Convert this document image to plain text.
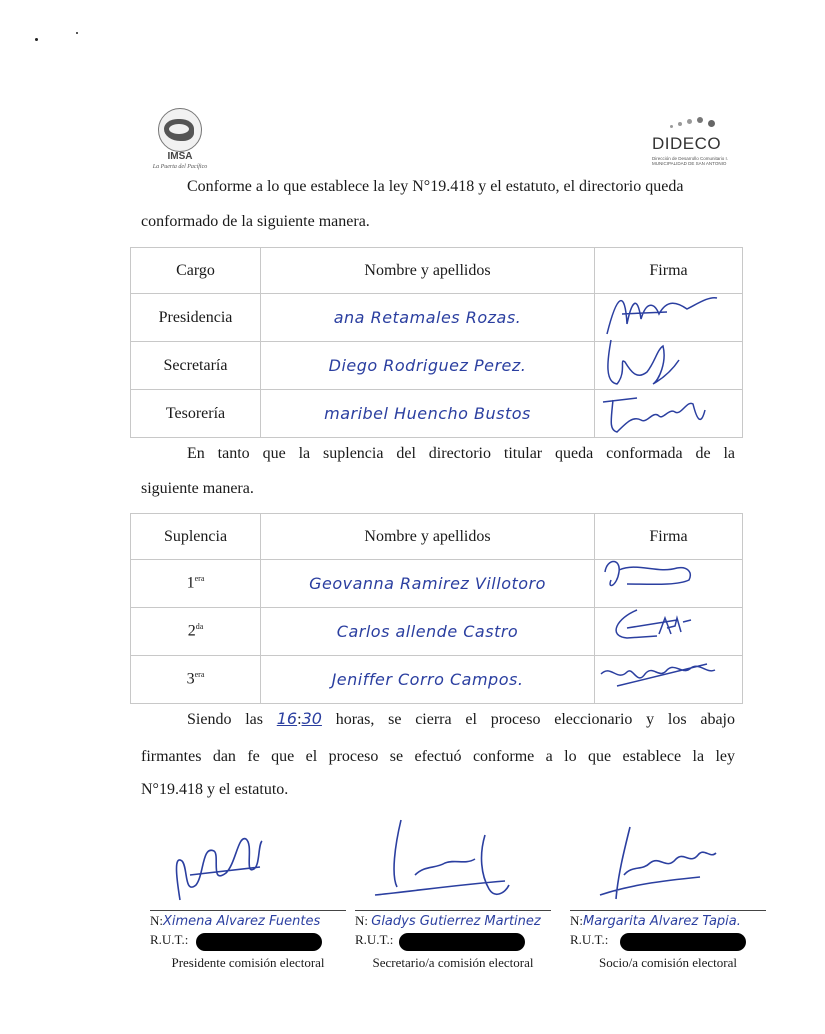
IMSA
La Puerta del Pacífico
DIDECO
Dirección de Desarrollo Comunitario I. MUNICIPALIDAD DE SAN ANTONIO
Conforme a lo que establece la ley N°19.418 y el estatuto, el directorio queda
conformado de la siguiente manera.
Cargo	Nombre y apellidos	Firma
Presidencia	ana Retamales Rozas.	

Secretaría	Diego Rodriguez Perez.	

Tesorería	maribel Huencho Bustos	
En tanto que la suplencia del directorio titular queda conformada de la
siguiente manera.
Suplencia	Nombre y apellidos	Firma
$1^{era}$	Geovanna Ramirez Villotoro	

$2^{da}$	Carlos allende Castro	

$3^{era}$	Jeniffer Corro Campos.	
Siendo las 16:30 horas, se cierra el proceso eleccionario y los abajo
firmantes dan fe que el proceso se efectuó conforme a lo que establece la ley
N°19.418 y el estatuto.
N:Ximena Alvarez Fuentes
R.U.T.:
Presidente comisión electoral
N: Gladys Gutierrez Martinez
R.U.T.:
Secretario/a comisión electoral
N:Margarita Alvarez Tapia.
R.U.T.:
Socio/a comisión electoral
